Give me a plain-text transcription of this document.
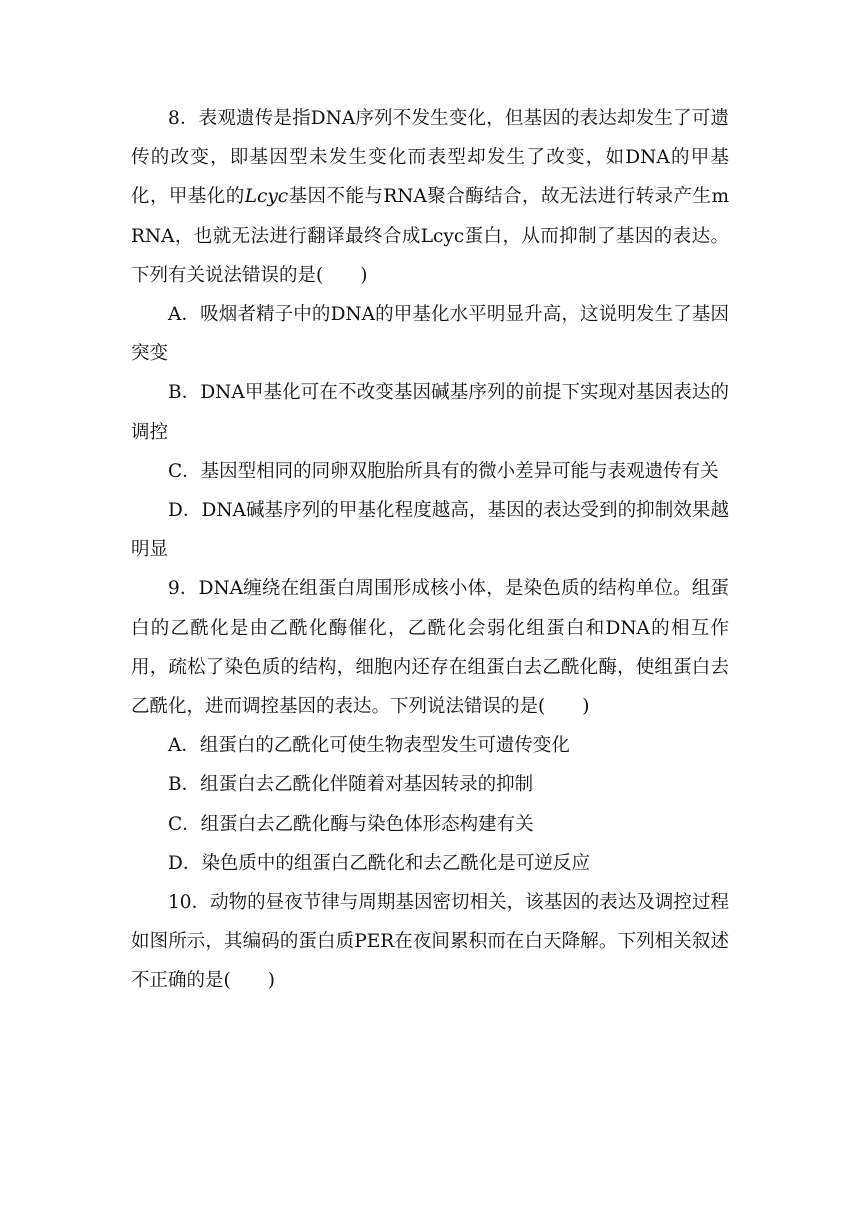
8．表观遗传是指DNA序列不发生变化，但基因的表达却发生了可遗传的改变，即基因型未发生变化而表型却发生了改变，如DNA的甲基化，甲基化的Lcyc基因不能与RNA聚合酶结合，故无法进行转录产生mRNA，也就无法进行翻译最终合成Lcyc蛋白，从而抑制了基因的表达。下列有关说法错误的是(　　)

A．吸烟者精子中的DNA的甲基化水平明显升高，这说明发生了基因突变

B．DNA甲基化可在不改变基因碱基序列的前提下实现对基因表达的调控

C．基因型相同的同卵双胞胎所具有的微小差异可能与表观遗传有关

D．DNA碱基序列的甲基化程度越高，基因的表达受到的抑制效果越明显

9．DNA缠绕在组蛋白周围形成核小体，是染色质的结构单位。组蛋白的乙酰化是由乙酰化酶催化，乙酰化会弱化组蛋白和DNA的相互作用，疏松了染色质的结构，细胞内还存在组蛋白去乙酰化酶，使组蛋白去乙酰化，进而调控基因的表达。下列说法错误的是(　　)

A．组蛋白的乙酰化可使生物表型发生可遗传变化

B．组蛋白去乙酰化伴随着对基因转录的抑制

C．组蛋白去乙酰化酶与染色体形态构建有关

D．染色质中的组蛋白乙酰化和去乙酰化是可逆反应

10．动物的昼夜节律与周期基因密切相关，该基因的表达及调控过程如图所示，其编码的蛋白质PER在夜间累积而在白天降解。下列相关叙述不正确的是(　　)
